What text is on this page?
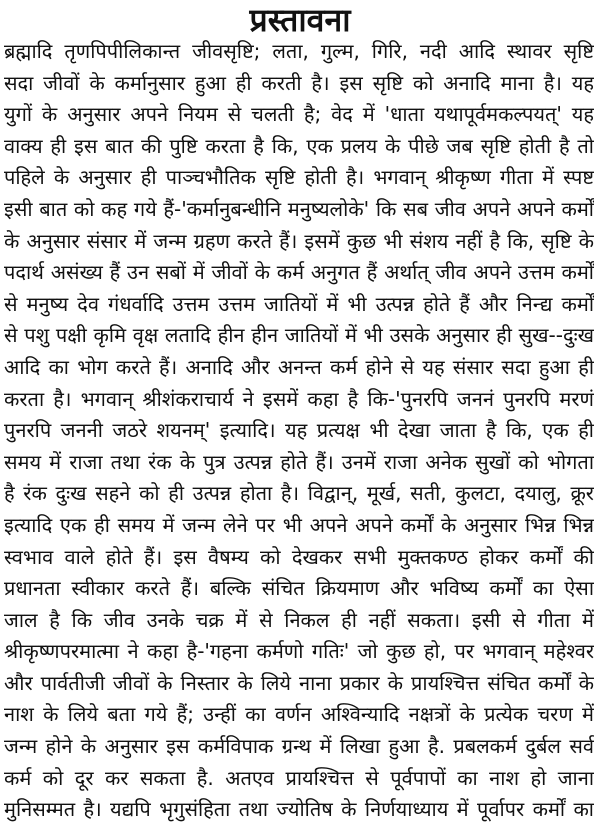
प्रस्तावना
ब्रह्मादि तृणपिपीलिकान्त जीवसृष्टि; लता, गुल्म, गिरि, नदी आदि स्थावर सृष्टि
सदा जीवों के कर्मानुसार हुआ ही करती है। इस सृष्टि को अनादि माना है। यह
युगों के अनुसार अपने नियम से चलती है; वेद में 'धाता यथापूर्वमकल्पयत्' यह
वाक्य ही इस बात की पुष्टि करता है कि, एक प्रलय के पीछे जब सृष्टि होती है तो
पहिले के अनुसार ही पाञ्चभौतिक सृष्टि होती है। भगवान् श्रीकृष्ण गीता में स्पष्ट
इसी बात को कह गये हैं-'कर्मानुबन्धीनि मनुष्यलोके' कि सब जीव अपने अपने कर्मों
के अनुसार संसार में जन्म ग्रहण करते हैं। इसमें कुछ भी संशय नहीं है कि, सृष्टि के
पदार्थ असंख्य हैं उन सबों में जीवों के कर्म अनुगत हैं अर्थात् जीव अपने उत्तम कर्मों
से मनुष्य देव गंधर्वादि उत्तम उत्तम जातियों में भी उत्पन्न होते हैं और निन्द्य कर्मों
से पशु पक्षी कृमि वृक्ष लतादि हीन हीन जातियों में भी उसके अनुसार ही सुख--दुःख
आदि का भोग करते हैं। अनादि और अनन्त कर्म होने से यह संसार सदा हुआ ही
करता है। भगवान् श्रीशंकराचार्य ने इसमें कहा है कि-'पुनरपि जननं पुनरपि मरणं
पुनरपि जननी जठरे शयनम्' इत्यादि। यह प्रत्यक्ष भी देखा जाता है कि, एक ही
समय में राजा तथा रंक के पुत्र उत्पन्न होते हैं। उनमें राजा अनेक सुखों को भोगता
है रंक दुःख सहने को ही उत्पन्न होता है। विद्वान्, मूर्ख, सती, कुलटा, दयालु, क्रूर
इत्यादि एक ही समय में जन्म लेने पर भी अपने अपने कर्मों के अनुसार भिन्न भिन्न
स्वभाव वाले होते हैं। इस वैषम्य को देखकर सभी मुक्तकण्ठ होकर कर्मों की
प्रधानता स्वीकार करते हैं। बल्कि संचित क्रियमाण और भविष्य कर्मों का ऐसा
जाल है कि जीव उनके चक्र में से निकल ही नहीं सकता। इसी से गीता में
श्रीकृष्णपरमात्मा ने कहा है-'गहना कर्मणो गतिः' जो कुछ हो, पर भगवान् महेश्वर
और पार्वतीजी जीवों के निस्तार के लिये नाना प्रकार के प्रायश्चित्त संचित कर्मों के
नाश के लिये बता गये हैं; उन्हीं का वर्णन अश्विन्यादि नक्षत्रों के प्रत्येक चरण में
जन्म होने के अनुसार इस कर्मविपाक ग्रन्थ में लिखा हुआ है. प्रबलकर्म दुर्बल सर्व
कर्म को दूर कर सकता है. अतएव प्रायश्चित्त से पूर्वपापों का नाश हो जाना
मुनिसम्मत है। यद्यपि भृगुसंहिता तथा ज्योतिष के निर्णयाध्याय में पूर्वापर कर्मों का
